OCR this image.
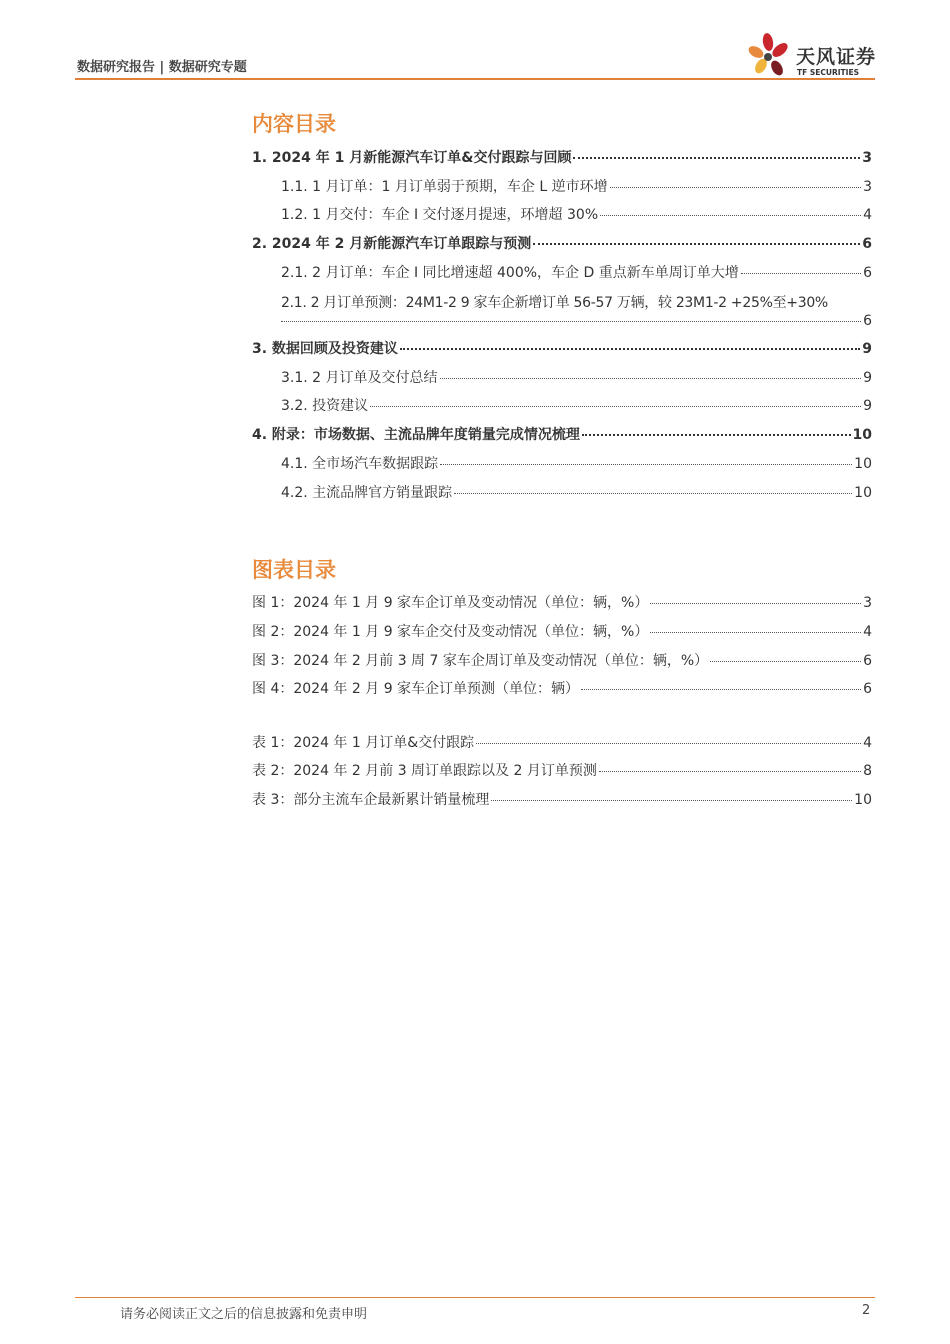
数据研究报告 | 数据研究专题	天风证券
TF SECURITIES
内容目录
1. 2024 年 1 月新能源汽车订单&交付跟踪与回顾	3
1.1. 1 月订单：1 月订单弱于预期，车企 L 逆市环增	3
1.2. 1 月交付：车企 I 交付逐月提速，环增超 30%	4
2. 2024 年 2 月新能源汽车订单跟踪与预测	6
2.1. 2 月订单：车企 I 同比增速超 400%，车企 D 重点新车单周订单大增	6
2.1. 2 月订单预测：24M1-2 9 家车企新增订单 56-57 万辆，较 23M1-2 +25%至+30%
6
3. 数据回顾及投资建议	9
3.1. 2 月订单及交付总结	9
3.2. 投资建议	9
4. 附录：市场数据、主流品牌年度销量完成情况梳理	10
4.1. 全市场汽车数据跟踪	10
4.2. 主流品牌官方销量跟踪	10
图表目录
图 1：2024 年 1 月 9 家车企订单及变动情况（单位：辆，%）	3
图 2：2024 年 1 月 9 家车企交付及变动情况（单位：辆，%）	4
图 3：2024 年 2 月前 3 周 7 家车企周订单及变动情况（单位：辆，%）	6
图 4：2024 年 2 月 9 家车企订单预测（单位：辆）	6
表 1：2024 年 1 月订单&交付跟踪	4
表 2：2024 年 2 月前 3 周订单跟踪以及 2 月订单预测	8
表 3：部分主流车企最新累计销量梳理	10
请务必阅读正文之后的信息披露和免责申明	2
